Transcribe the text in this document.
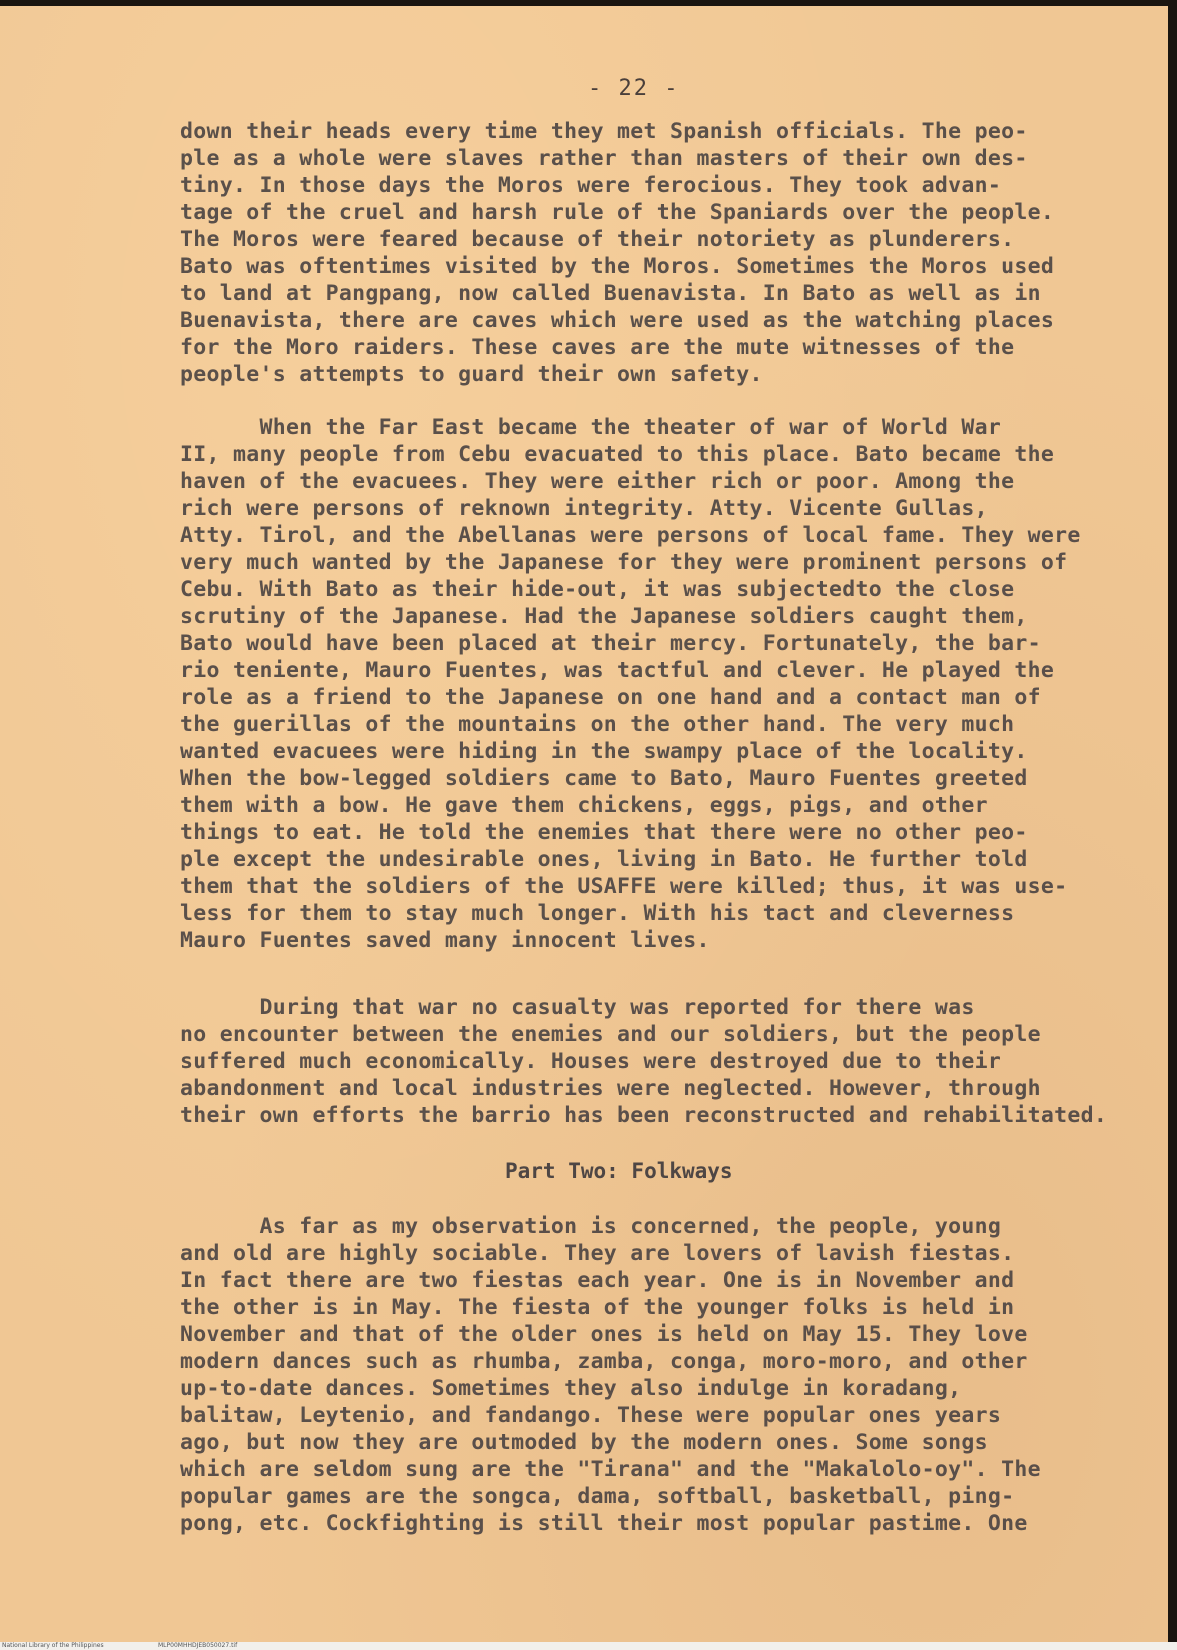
- 22 -
down their heads every time they met Spanish officials. The peo-
ple as a whole were slaves rather than masters of their own des-
tiny. In those days the Moros were ferocious. They took advan-
tage of the cruel and harsh rule of the Spaniards over the people.
The Moros were feared because of their notoriety as plunderers.
Bato was oftentimes visited by the Moros. Sometimes the Moros used
to land at Pangpang, now called Buenavista. In Bato as well as in
Buenavista, there are caves which were used as the watching places
for the Moro raiders. These caves are the mute witnesses of the
people's attempts to guard their own safety.
When the Far East became the theater of war of World War
II, many people from Cebu evacuated to this place. Bato became the
haven of the evacuees. They were either rich or poor. Among the
rich were persons of reknown integrity. Atty. Vicente Gullas,
Atty. Tirol, and the Abellanas were persons of local fame. They were
very much wanted by the Japanese for they were prominent persons of
Cebu. With Bato as their hide-out, it was subjectedto the close
scrutiny of the Japanese. Had the Japanese soldiers caught them,
Bato would have been placed at their mercy. Fortunately, the bar-
rio teniente, Mauro Fuentes, was tactful and clever. He played the
role as a friend to the Japanese on one hand and a contact man of
the guerillas of the mountains on the other hand. The very much
wanted evacuees were hiding in the swampy place of the locality.
When the bow-legged soldiers came to Bato, Mauro Fuentes greeted
them with a bow. He gave them chickens, eggs, pigs, and other
things to eat. He told the enemies that there were no other peo-
ple except the undesirable ones, living in Bato. He further told
them that the soldiers of the USAFFE were killed; thus, it was use-
less for them to stay much longer. With his tact and cleverness
Mauro Fuentes saved many innocent lives.
During that war no casualty was reported for there was
no encounter between the enemies and our soldiers, but the people
suffered much economically. Houses were destroyed due to their
abandonment and local industries were neglected. However, through
their own efforts the barrio has been reconstructed and rehabilitated.
Part Two: Folkways
As far as my observation is concerned, the people, young
and old are highly sociable. They are lovers of lavish fiestas.
In fact there are two fiestas each year. One is in November and
the other is in May. The fiesta of the younger folks is held in
November and that of the older ones is held on May 15. They love
modern dances such as rhumba, zamba, conga, moro-moro, and other
up-to-date dances. Sometimes they also indulge in koradang,
balitaw, Leytenio, and fandango. These were popular ones years
ago, but now they are outmoded by the modern ones. Some songs
which are seldom sung are the "Tirana" and the "Makalolo-oy". The
popular games are the songca, dama, softball, basketball, ping-
pong, etc. Cockfighting is still their most popular pastime. One
National Library of the Philippines	MLP00MHHDJEB050027.tif
